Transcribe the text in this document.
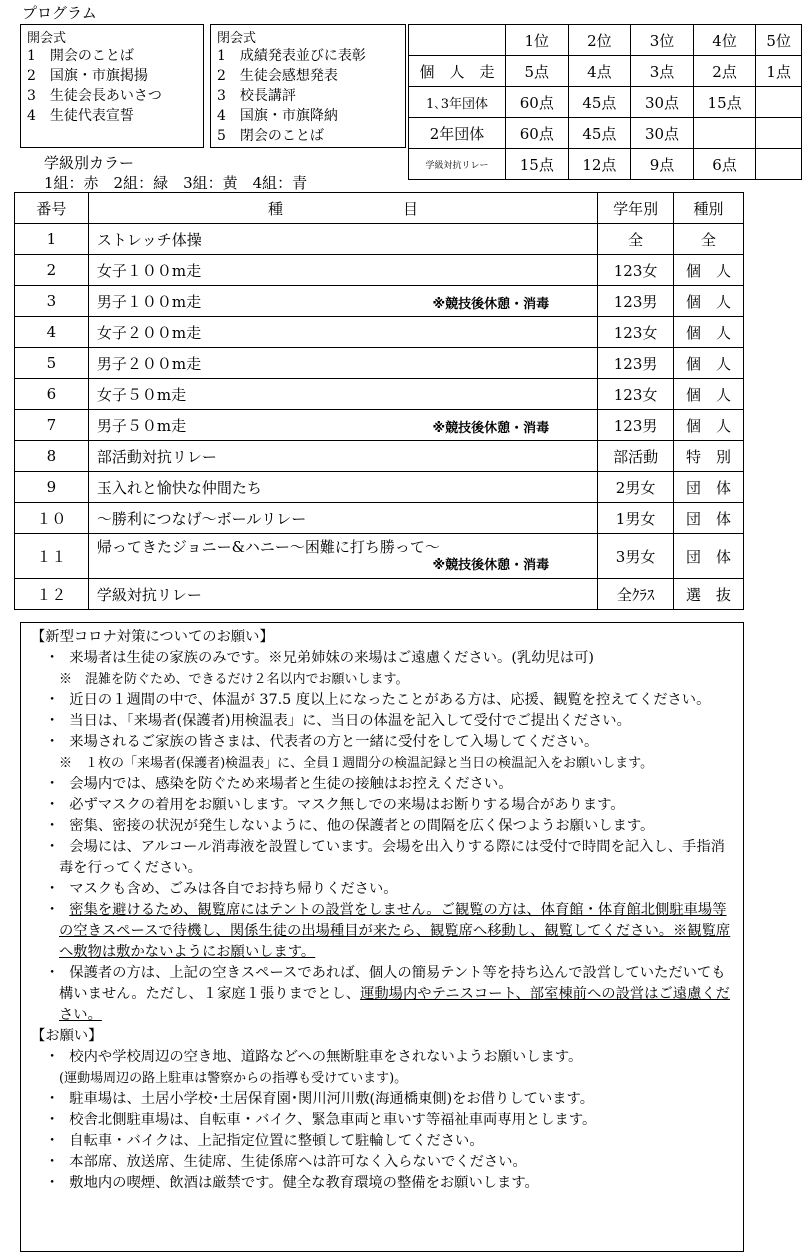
プログラム
開会式
1　開会のことば
2　国旗・市旗掲揚
3　生徒会長あいさつ
4　生徒代表宣誓
閉会式
1　成績発表並びに表彰
2　生徒会感想発表
3　校長講評
4　国旗・市旗降納
5　閉会のことば
	1位	2位	3位	4位	5位
個　人　走	5点	4点	3点	2点	1点
1､3年団体	60点	45点	30点	15点	
2年団体	60点	45点	30点		
学級対抗リレー	15点	12点	9点	6点	
学級別カラー
1組：赤　2組：緑　3組：黄　4組：青
番号	種　　　　　　　　目	学年別	種別
1	ストレッチ体操	全	全
2	女子１００m走	123女	個　人
3	男子１００m走 ※競技後休憩・消毒	123男	個　人
4	女子２００m走	123女	個　人
5	男子２００m走	123男	個　人
6	女子５０m走	123女	個　人
7	男子５０m走 ※競技後休憩・消毒	123男	個　人
8	部活動対抗リレー	部活動	特　別
9	玉入れと愉快な仲間たち	2男女	団　体
１０	～勝利につなげ～ボールリレー	1男女	団　体
１１	帰ってきたジョニー&ハニー～困難に打ち勝って～
※競技後休憩・消毒	3男女	団　体
１２	学級対抗リレー	全ｸﾗｽ	選　抜

【新型コロナ対策についてのお願い】

・ 来場者は生徒の家族のみです。※兄弟姉妹の来場はご遠慮ください。(乳幼児は可)

※　混雑を防ぐため、できるだけ２名以内でお願いします。

・ 近日の１週間の中で、体温が 37.5 度以上になったことがある方は、応援、観覧を控えてください。

・ 当日は、「来場者(保護者)用検温表」に、当日の体温を記入して受付でご提出ください。

・ 来場されるご家族の皆さまは、代表者の方と一緒に受付をして入場してください。

※　１枚の「来場者(保護者)検温表」に、全員１週間分の検温記録と当日の検温記入をお願いします。

・ 会場内では、感染を防ぐため来場者と生徒の接触はお控えください。

・ 必ずマスクの着用をお願いします。マスク無しでの来場はお断りする場合があります。

・ 密集、密接の状況が発生しないように、他の保護者との間隔を広く保つようお願いします。

・ 会場には、アルコール消毒液を設置しています。会場を出入りする際には受付で時間を記入し、手指消毒を行ってください。

・ マスクも含め、ごみは各自でお持ち帰りください。

・ 密集を避けるため、観覧席にはテントの設営をしません。ご観覧の方は、体育館・体育館北側駐車場等の空きスペースで待機し、関係生徒の出場種目が来たら、観覧席へ移動し、観覧してください。※観覧席へ敷物は敷かないようにお願いします。

・ 保護者の方は、上記の空きスペースであれば、個人の簡易テント等を持ち込んで設営していただいても構いません。ただし、１家庭１張りまでとし、運動場内やテニスコート、部室棟前への設営はご遠慮ください。

【お願い】

・ 校内や学校周辺の空き地、道路などへの無断駐車をされないようお願いします。

(運動場周辺の路上駐車は警察からの指導も受けています)。

・ 駐車場は、土居小学校･土居保育園･関川河川敷(海通橋東側)をお借りしています。

・ 校舎北側駐車場は、自転車・バイク、緊急車両と車いす等福祉車両専用とします。

・ 自転車・バイクは、上記指定位置に整頓して駐輪してください。

・ 本部席、放送席、生徒席、生徒係席へは許可なく入らないでください。

・ 敷地内の喫煙、飲酒は厳禁です。健全な教育環境の整備をお願いします。
